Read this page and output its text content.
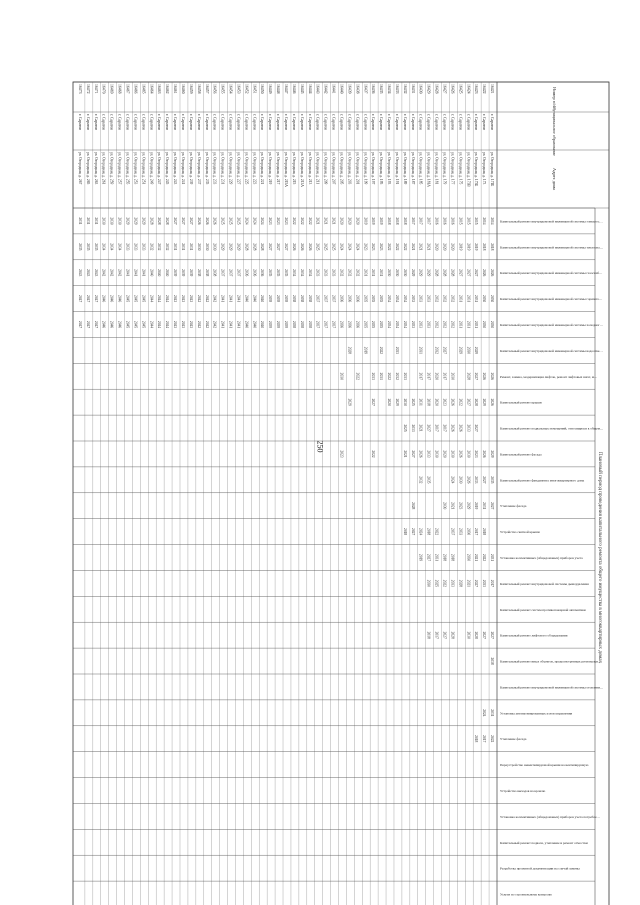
250
Плановый период проведения капитального ремонта общего имущества в многоквартирных домах
Номер п/п
Муниципальное образование
Адрес дома
Капитальный ремонт внутридомовой инженерной системы электрос…
Капитальный ремонт внутридомовой инженерной системы теплосна…
Капитальный ремонт внутридомовой инженерной системы газоснаб…
Капитальный ремонт внутридомовой инженерной системы горячего…
Капитальный ремонт внутридомовой инженерной системы холодног…
Капитальный ремонт внутридомовой инженерной системы водоотве…
Ремонт, замена, модернизация лифтов, ремонт лифтовых шахт, м…
Капитальный ремонт крыши
Капитальный ремонт подвальных помещений, относящихся к общем…
Капитальный ремонт фасада
Капитальный ремонт фундамента многоквартирного дома
Утепление фасада
Устройство скатной крыши
Установка коллективных (общедомовых) приборов учета
Капитальный ремонт внутридомовой системы дымоудаления
Капитальный ремонт систем противопожарной автоматики
Капитальный ремонт лифтового оборудования
Капитальный ремонт иных объектов, предусмотренных региональн…
Капитальный ремонт внутридомовой инженерной системы отоплени…
Установка автоматизированных узлов управления
Утепление фасада
Переустройство невентилируемой крыши на вентилируемую
Устройство выходов на кровлю
Установка коллективных (общедомовых) приборов учета потребле…
Капитальный ремонт подвала, утепление и ремонт отмостки
Разработка проектной документации на случай замены
Услуги по строительному контролю
16421
г. Саратов
ул. Огородная, д. 171Б
2014
2018
2026
2030
2030
2026
2026
2029
2035
2027
2031
2017
2027
2038
2031
2022
16422
г. Саратов
ул. Огородная, д. 173
2014
2018
2026
2030
2030
2026
2029
2026
2027
2031
2018
2022
2033
2027
2024
2017
16423
г. Саратов
ул. Огородная, д. 173Б
2015
2019
2027
2031
2031
2029
2027
2028
2027
2023
2033
2019
2017
2021
2027
2028
2018
16424
г. Саратов
ул. Огородная, д. 173В
2015
2019
2027
2031
2031
2030
2028
2027
2033
2030
2026
2029
2030
2030
2021
2030
16425
г. Саратов
ул. Огородная, д. 175
2015
2019
2027
2031
2031
2029
2022
2026
2026
2030
2023
2033
2028
16426
г. Саратов
ул. Огородная, д. 177
2016
2020
2028
2032
2032
2030
2026
2026
2030
2024
2021
2037
2018
2033
2028
16427
г. Саратов
ул. Огородная, д. 179
2016
2020
2028
2032
2032
2027
2017
2023
2017
2020
2030
2018
2022
2027
16428
г. Саратов
ул. Огородная, д. 181
2016
2020
2028
2032
2032
2032
2020
2020
2017
2030
2022
2031
2025
2017
16429
г. Саратов
ул. Огородная, д. 181А
2017
2021
2029
2033
2033
2017
2018
2027
2033
2035
2018
2027
2030
2018
16430
г. Саратов
ул. Огородная, д. 185
2017
2021
2029
2033
2033
2031
2017
2031
2021
2026
2032
2024
2019
16431
г. Саратов
ул. Огородная, д. 187
2017
2021
2029
2033
2033
2025
2033
2027
2028
2027
16432
г. Саратов
ул. Огородная, д. 189
2018
2022
2030
2034
2034
2033
2030
2025
2021
2018
16433
г. Саратов
ул. Огородная, д. 191
2018
2022
2030
2034
2034
2033
2032
2029
16434
г. Саратов
ул. Огородная, д. 193
2018
2022
2030
2034
2034
2022
2020
16435
г. Саратов
ул. Огородная, д. 195
2019
2023
2031
2035
2035
2022
2031
16436
г. Саратов
ул. Огородная, д. 197
2019
2023
2031
2035
2035
2033
2027
2022
16437
г. Саратов
ул. Огородная, д. 199
2019
2023
2031
2035
2035
2019
16438
г. Саратов
ул. Огородная, д. 201
2020
2024
2032
2036
2036
2022
16439
г. Саратов
ул. Огородная, д. 203
2020
2024
2032
2036
2036
2028
2029
16440
г. Саратов
ул. Огородная, д. 205
2020
2024
2032
2036
2036
2030
2023
16441
г. Саратов
ул. Огородная, д. 207
2021
2025
2033
2037
2037
16442
г. Саратов
ул. Огородная, д. 209
2021
2025
2033
2037
2037
16443
г. Саратов
ул. Огородная, д. 211
2021
2025
2033
2037
2037
16444
г. Саратов
ул. Огородная, д. 213
2022
2026
2034
2038
2038
16445
г. Саратов
ул. Огородная, д. 213А
2022
2026
2034
2038
2038
16446
г. Саратов
ул. Огородная, д. 215
2022
2026
2034
2038
2038
16447
г. Саратов
ул. Огородная, д. 215А
2023
2027
2035
2039
2039
16448
г. Саратов
ул. Огородная, д. 217
2023
2027
2035
2039
2039
16449
г. Саратов
ул. Огородная, д. 219
2023
2027
2035
2039
2039
16450
г. Саратов
ул. Огородная, д. 221
2024
2028
2036
2040
2040
16451
г. Саратов
ул. Огородная, д. 223
2024
2028
2036
2040
2040
16452
г. Саратов
ул. Огородная, д. 225
2024
2028
2036
2040
2040
16453
г. Саратов
ул. Огородная, д. 227
2025
2029
2037
2041
2041
16454
г. Саратов
ул. Огородная, д. 229
2025
2029
2037
2041
2041
16455
г. Саратов
ул. Огородная, д. 231
2025
2029
2037
2041
2041
16456
г. Саратов
ул. Огородная, д. 233
2026
2030
2038
2042
2042
16457
г. Саратов
ул. Огородная, д. 235
2026
2030
2038
2042
2042
16458
г. Саратов
ул. Огородная, д. 237
2026
2030
2038
2042
2042
16459
г. Саратов
ул. Огородная, д. 239
2027
2031
2039
2043
2043
16460
г. Саратов
ул. Огородная, д. 241
2027
2031
2039
2043
2043
16461
г. Саратов
ул. Огородная, д. 243
2027
2031
2039
2043
2043
16462
г. Саратов
ул. Огородная, д. 245
2028
2032
2040
2044
2044
16463
г. Саратов
ул. Огородная, д. 247
2028
2032
2040
2044
2044
16464
г. Саратов
ул. Огородная, д. 249
2028
2032
2040
2044
2044
16465
г. Саратов
ул. Огородная, д. 251
2029
2033
2041
2045
2045
16466
г. Саратов
ул. Огородная, д. 253
2029
2033
2041
2045
2045
16467
г. Саратов
ул. Огородная, д. 255
2029
2033
2041
2045
2045
16468
г. Саратов
ул. Огородная, д. 257
2030
2034
2042
2046
2046
16469
г. Саратов
ул. Огородная, д. 259
2030
2034
2042
2046
2046
16470
г. Саратов
ул. Огородная, д. 261
2030
2034
2042
2046
2046
16471
г. Саратов
ул. Огородная, д. 263
2031
2035
2043
2047
2047
16472
г. Саратов
ул. Огородная, д. 265
2031
2035
2043
2047
2047
16473
г. Саратов
ул. Огородная, д. 267
2031
2035
2043
2047
2047
